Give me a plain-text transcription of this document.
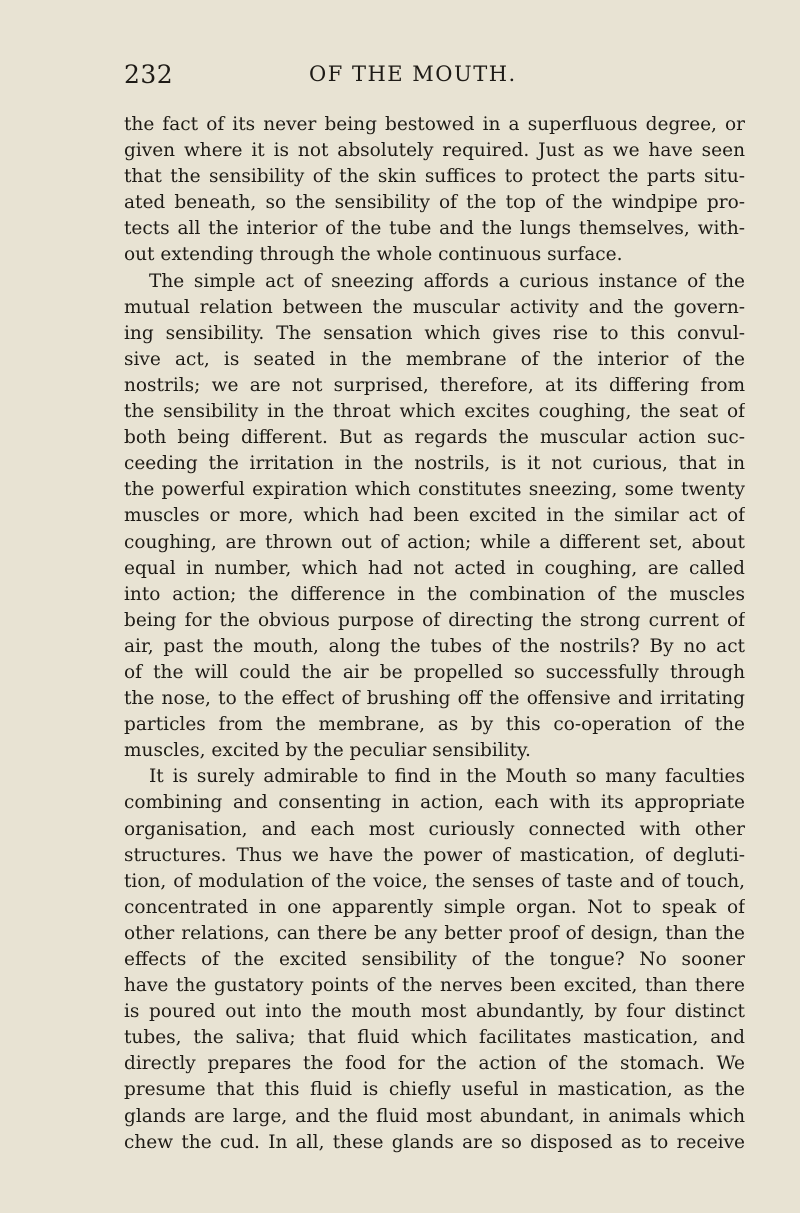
232	OF THE MOUTH.
the fact of its never being bestowed in a superfluous degree, or
given where it is not absolutely required. Just as we have seen
that the sensibility of the skin suffices to protect the parts situ-
ated beneath, so the sensibility of the top of the windpipe pro-
tects all the interior of the tube and the lungs themselves, with-
out extending through the whole continuous surface.
The simple act of sneezing affords a curious instance of the
mutual relation between the muscular activity and the govern-
ing sensibility. The sensation which gives rise to this convul-
sive act, is seated in the membrane of the interior of the
nostrils; we are not surprised, therefore, at its differing from
the sensibility in the throat which excites coughing, the seat of
both being different. But as regards the muscular action suc-
ceeding the irritation in the nostrils, is it not curious, that in
the powerful expiration which constitutes sneezing, some twenty
muscles or more, which had been excited in the similar act of
coughing, are thrown out of action; while a different set, about
equal in number, which had not acted in coughing, are called
into action; the difference in the combination of the muscles
being for the obvious purpose of directing the strong current of
air, past the mouth, along the tubes of the nostrils? By no act
of the will could the air be propelled so successfully through
the nose, to the effect of brushing off the offensive and irritating
particles from the membrane, as by this co-operation of the
muscles, excited by the peculiar sensibility.
It is surely admirable to find in the Mouth so many faculties
combining and consenting in action, each with its appropriate
organisation, and each most curiously connected with other
structures. Thus we have the power of mastication, of degluti-
tion, of modulation of the voice, the senses of taste and of touch,
concentrated in one apparently simple organ. Not to speak of
other relations, can there be any better proof of design, than the
effects of the excited sensibility of the tongue? No sooner
have the gustatory points of the nerves been excited, than there
is poured out into the mouth most abundantly, by four distinct
tubes, the saliva; that fluid which facilitates mastication, and
directly prepares the food for the action of the stomach. We
presume that this fluid is chiefly useful in mastication, as the
glands are large, and the fluid most abundant, in animals which
chew the cud. In all, these glands are so disposed as to receive
